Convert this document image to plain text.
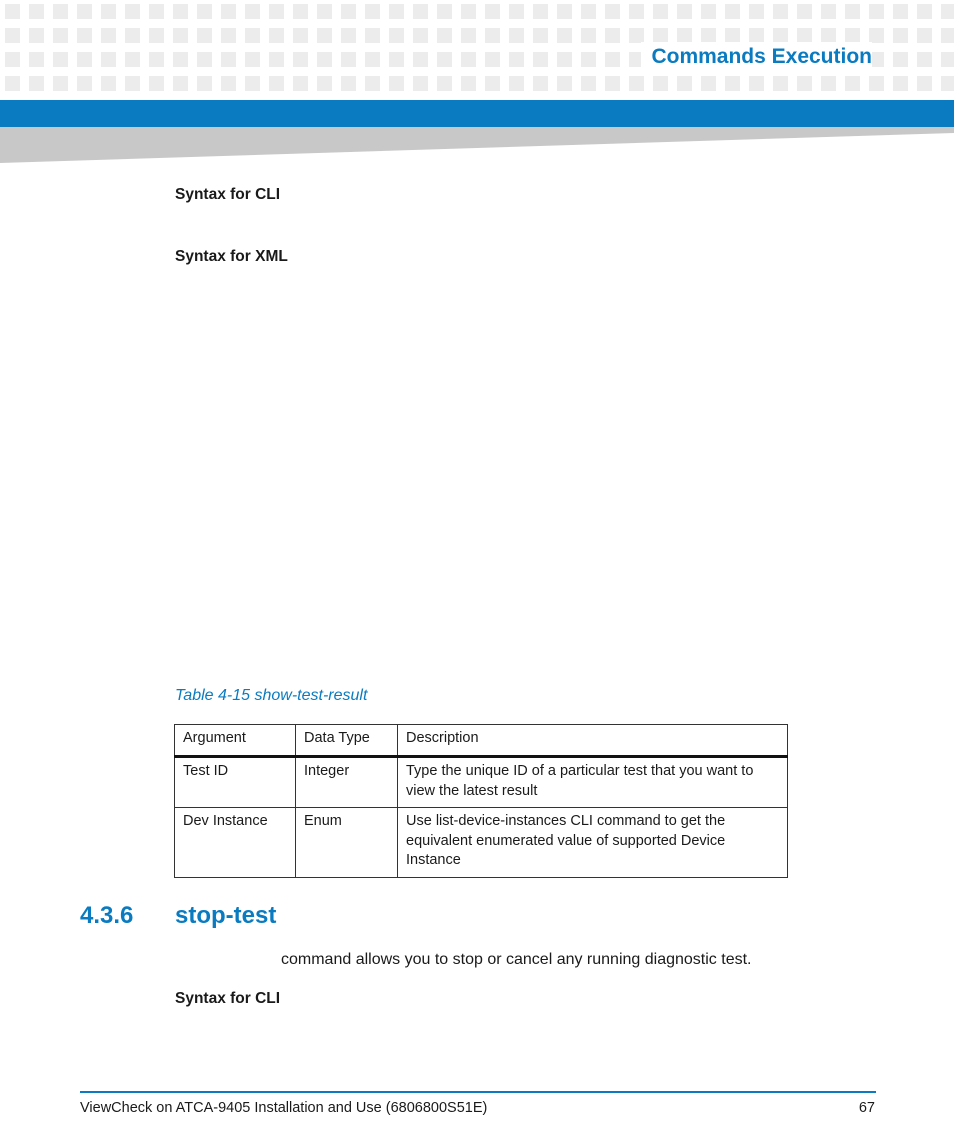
Commands Execution
Syntax for CLI
Syntax for XML
Table 4-15 show-test-result
Argument	Data Type	Description
Test ID	Integer	Type the unique ID of a particular test that you want to view the latest result
Dev Instance	Enum	Use list-device-instances CLI command to get the equivalent enumerated value of supported Device Instance
4.3.6 stop-test
command allows you to stop or cancel any running diagnostic test.
Syntax for CLI
ViewCheck on ATCA-9405 Installation and Use (6806800S51E)	67
